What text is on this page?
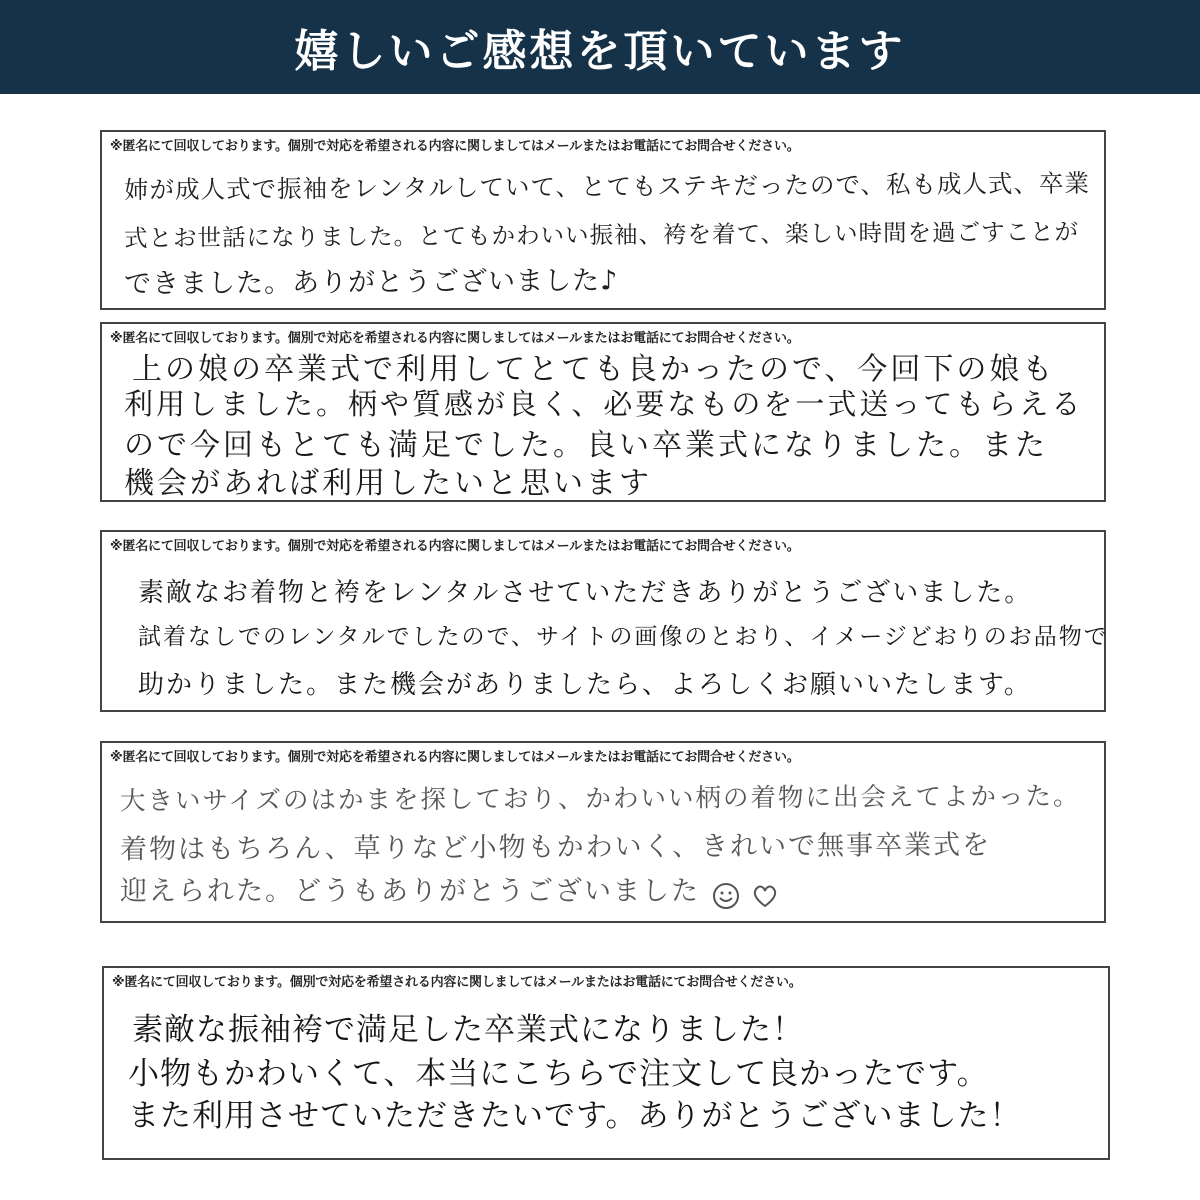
嬉しいご感想を頂いています
※匿名にて回収しております。個別で対応を希望される内容に関しましてはメールまたはお電話にてお問合せください。
姉が成人式で振袖をレンタルしていて、とてもステキだったので、私も成人式、卒業
式とお世話になりました。とてもかわいい振袖、袴を着て、楽しい時間を過ごすことが
できました。ありがとうございました♪
※匿名にて回収しております。個別で対応を希望される内容に関しましてはメールまたはお電話にてお問合せください。
上の娘の卒業式で利用してとても良かったので、今回下の娘も
利用しました。柄や質感が良く、必要なものを一式送ってもらえる
ので今回もとても満足でした。良い卒業式になりました。また
機会があれば利用したいと思います
※匿名にて回収しております。個別で対応を希望される内容に関しましてはメールまたはお電話にてお問合せください。
素敵なお着物と袴をレンタルさせていただきありがとうございました。
試着なしでのレンタルでしたので、サイトの画像のとおり、イメージどおりのお品物で
助かりました。また機会がありましたら、よろしくお願いいたします。
※匿名にて回収しております。個別で対応を希望される内容に関しましてはメールまたはお電話にてお問合せください。
大きいサイズのはかまを探しており、かわいい柄の着物に出会えてよかった。
着物はもちろん、草りなど小物もかわいく、きれいで無事卒業式を
迎えられた。どうもありがとうございました
※匿名にて回収しております。個別で対応を希望される内容に関しましてはメールまたはお電話にてお問合せください。
素敵な振袖袴で満足した卒業式になりました！
小物もかわいくて、本当にこちらで注文して良かったです。
また利用させていただきたいです。ありがとうございました！
